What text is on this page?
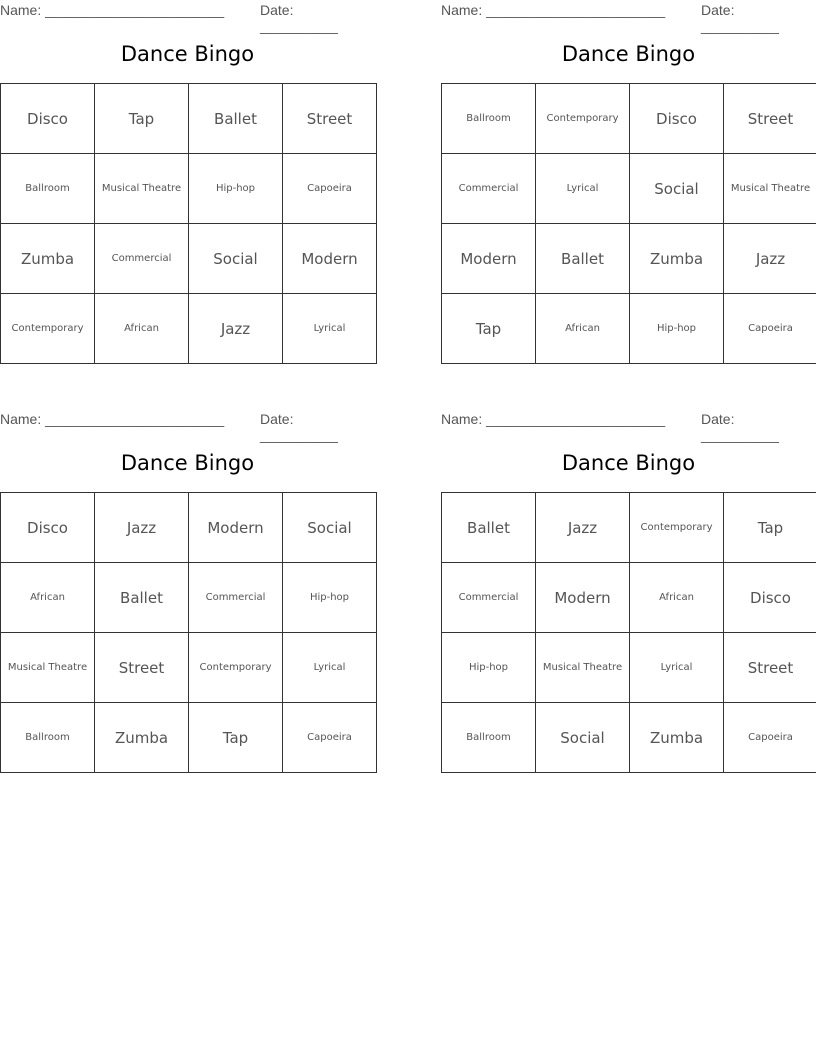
Name: _______________________	Date: __________
Dance Bingo
Disco	Tap	Ballet	Street
Ballroom	Musical Theatre	Hip-hop	Capoeira
Zumba	Commercial	Social	Modern
Contemporary	African	Jazz	Lyrical
Name: _______________________	Date: __________
Dance Bingo
Ballroom	Contemporary	Disco	Street
Commercial	Lyrical	Social	Musical Theatre
Modern	Ballet	Zumba	Jazz
Tap	African	Hip-hop	Capoeira
Name: _______________________	Date: __________
Dance Bingo
Disco	Jazz	Modern	Social
African	Ballet	Commercial	Hip-hop
Musical Theatre	Street	Contemporary	Lyrical
Ballroom	Zumba	Tap	Capoeira
Name: _______________________	Date: __________
Dance Bingo
Ballet	Jazz	Contemporary	Tap
Commercial	Modern	African	Disco
Hip-hop	Musical Theatre	Lyrical	Street
Ballroom	Social	Zumba	Capoeira
